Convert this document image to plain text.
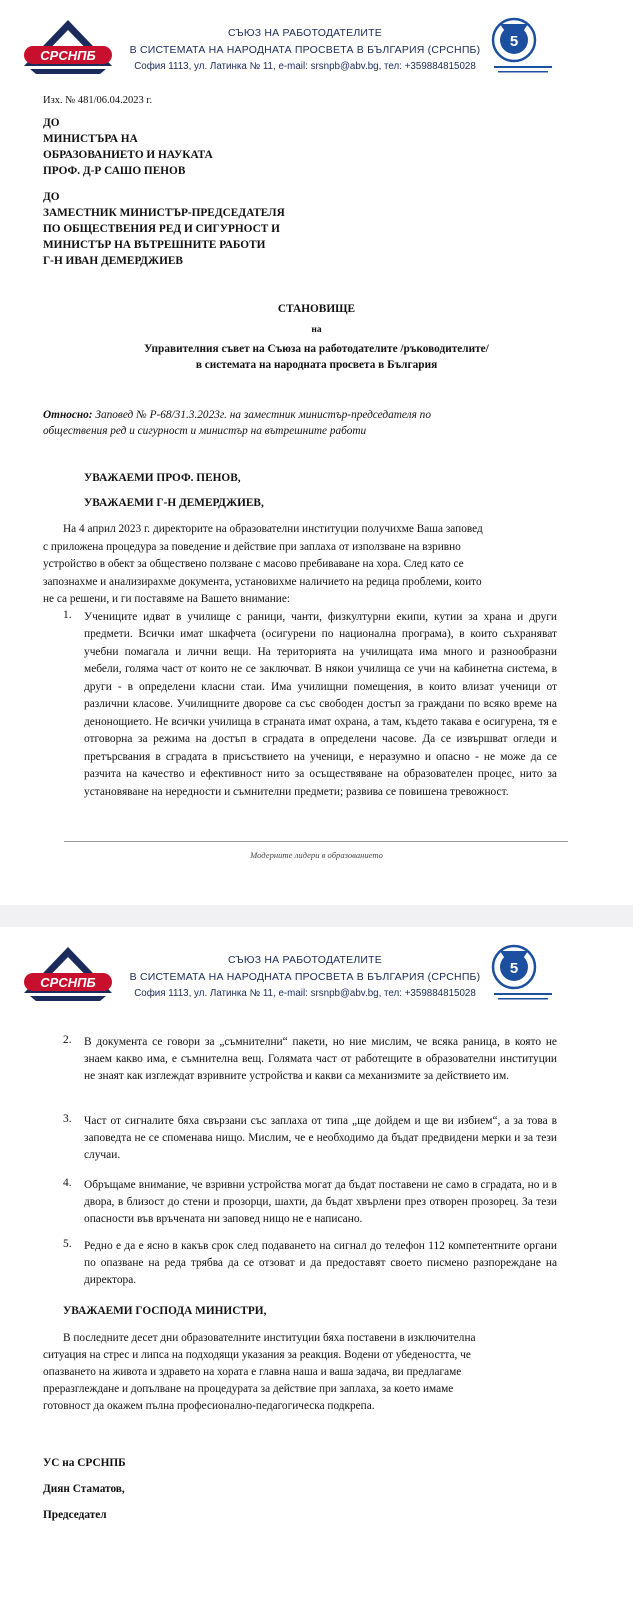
СРСНПБ
СЪЮЗ НА РАБОТОДАТЕЛИТЕ
В СИСТЕМАТА НА НАРОДНАТА ПРОСВЕТА В БЪЛГАРИЯ (СРСНПБ)
София 1113, ул. Латинка № 11, e-mail: srsnpb@abv.bg, тел: +359884815028
5
Изх. № 481/06.04.2023 г.
ДО
МИНИСТЪРА НА
ОБРАЗОВАНИЕТО И НАУКАТА
ПРОФ. Д-Р САШО ПЕНОВ
ДО
ЗАМЕСТНИК МИНИСТЪР-ПРЕДСЕДАТЕЛЯ
ПО ОБЩЕСТВЕНИЯ РЕД И СИГУРНОСТ И
МИНИСТЪР НА ВЪТРЕШНИТЕ РАБОТИ
Г-Н ИВАН ДЕМЕРДЖИЕВ
СТАНОВИЩЕ
на
Управителния съвет на Съюза на работодателите /ръководителите/
в системата на народната просвета в България
Относно: Заповед № Р-68/31.3.2023г. на заместник министър-председателя по
обществения ред и сигурност и министър на вътрешните работи
УВАЖАЕМИ ПРОФ. ПЕНОВ,
УВАЖАЕМИ Г-Н ДЕМЕРДЖИЕВ,
На 4 април 2023 г. директорите на образователни институции получихме Ваша заповед
с приложена процедура за поведение и действие при заплаха от използване на взривно
устройство в обект за обществено ползване с масово пребиваване на хора. След като се
запознахме и анализирахме документа, установихме наличието на редица проблеми, които
не са решени, и ги поставяме на Вашето внимание:
1. Учениците идват в училище с раници, чанти, физкултурни екипи, кутии за храна и други предмети. Всички имат шкафчета (осигурени по национална програма), в които съхраняват учебни помагала и лични вещи. На територията на училищата има много и разнообразни мебели, голяма част от които не се заключват. В някои училища се учи на кабинетна система, в други - в определени класни стаи. Има училищни помещения, в които влизат ученици от различни класове. Училищните дворове са със свободен достъп за граждани по всяко време на денонощието. Не всички училища в страната имат охрана, а там, където такава е осигурена, тя е отговорна за режима на достъп в сградата в определени часове. Да се извършват огледи и претърсвания в сградата в присъствието на ученици, е неразумно и опасно - не може да се разчита на качество и ефективност нито за осъществяване на образователен процес, нито за установяване на нередности и съмнителни предмети; развива се повишена тревожност.
Модерните лидери в образованието
СРСНПБ
СЪЮЗ НА РАБОТОДАТЕЛИТЕ
В СИСТЕМАТА НА НАРОДНАТА ПРОСВЕТА В БЪЛГАРИЯ (СРСНПБ)
София 1113, ул. Латинка № 11, e-mail: srsnpb@abv.bg, тел: +359884815028
5
2. В документа се говори за „съмнителни“ пакети, но ние мислим, че всяка раница, в която не знаем какво има, е съмнителна вещ. Голямата част от работещите в образователни институции не знаят как изглеждат взривните устройства и какви са механизмите за действието им.
3. Част от сигналите бяха свързани със заплаха от типа „ще дойдем и ще ви избием“, а за това в заповедта не се споменава нищо. Мислим, че е необходимо да бъдат предвидени мерки и за тези случаи.
4. Обръщаме внимание, че взривни устройства могат да бъдат поставени не само в сградата, но и в двора, в близост до стени и прозорци, шахти, да бъдат хвърлени през отворен прозорец. За тези опасности във връчената ни заповед нищо не е написано.
5. Редно е да е ясно в какъв срок след подаването на сигнал до телефон 112 компетентните органи по опазване на реда трябва да се отзоват и да предоставят своето писмено разпореждане на директора.
УВАЖАЕМИ ГОСПОДА МИНИСТРИ,
В последните десет дни образователните институции бяха поставени в изключителна
ситуация на стрес и липса на подходящи указания за реакция. Водени от убедеността, че
опазването на живота и здравето на хората е главна наша и ваша задача, ви предлагаме
преразглеждане и допълване на процедурата за действие при заплаха, за което имаме
готовност да окажем пълна професионално-педагогическа подкрепа.
УС на СРСНПБ
Диян Стаматов,
Председател
